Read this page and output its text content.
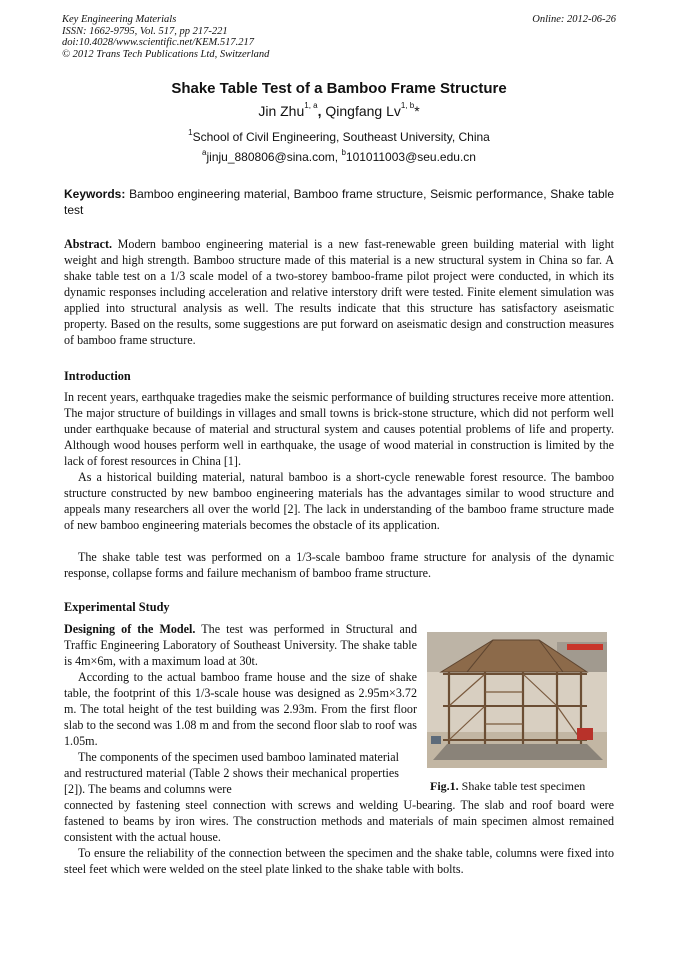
Key Engineering Materials
ISSN: 1662-9795, Vol. 517, pp 217-221
doi:10.4028/www.scientific.net/KEM.517.217
© 2012 Trans Tech Publications Ltd, Switzerland
Online: 2012-06-26
Shake Table Test of a Bamboo Frame Structure
Jin Zhu$^{1, a}$, Qingfang Lv$^{1, b}$*
$^1$School of Civil Engineering, Southeast University, China
$^a$jinju_880806@sina.com, $^b$101011003@seu.edu.cn
Keywords: Bamboo engineering material, Bamboo frame structure, Seismic performance, Shake table test
Abstract. Modern bamboo engineering material is a new fast-renewable green building material with light weight and high strength. Bamboo structure made of this material is a new structural system in China so far. A shake table test on a 1/3 scale model of a two-storey bamboo-frame pilot project were conducted, in which its dynamic responses including acceleration and relative interstory drift were tested. Finite element simulation was applied into structural analysis as well. The results indicate that this structure has satisfactory aseismatic property. Based on the results, some suggestions are put forward on aseismatic design and construction measures of bamboo frame structure.
Introduction
In recent years, earthquake tragedies make the seismic performance of building structures receive more attention. The major structure of buildings in villages and small towns is brick-stone structure, which did not perform well under earthquake because of material and structural system and causes potential problems of life and property. Although wood houses perform well in earthquake, the usage of wood material in construction is limited by the lack of forest resources in China [1].
As a historical building material, natural bamboo is a short-cycle renewable forest resource. The bamboo structure constructed by new bamboo engineering materials has the advantages similar to wood structure and appeals many researchers all over the world [2]. The lack in understanding of the bamboo frame structure made of new bamboo engineering materials becomes the obstacle of its application.
The shake table test was performed on a 1/3-scale bamboo frame structure for analysis of the dynamic response, collapse forms and failure mechanism of bamboo frame structure.
Experimental Study
Designing of the Model. The test was performed in Structural and Traffic Engineering Laboratory of Southeast University. The shake table is 4m×6m, with a maximum load at 30t.
According to the actual bamboo frame house and the size of shake table, the footprint of this 1/3-scale house was designed as 2.95m×3.72 m. The total height of the test building was 2.93m. From the first floor slab to the second was 1.08 m and from the second floor slab to roof was 1.05m.
The components of the specimen used bamboo laminated material and restructured material (Table 2 shows their mechanical properties [2]). The beams and columns were
connected by fastening steel connection with screws and welding U-bearing. The slab and roof board were fastened to beams by iron wires. The construction methods and materials of main specimen almost remained consistent with the actual house.
To ensure the reliability of the connection between the specimen and the shake table, columns were fixed into steel feet which were welded on the steel plate linked to the shake table with bolts.
Fig.1. Shake table test specimen
